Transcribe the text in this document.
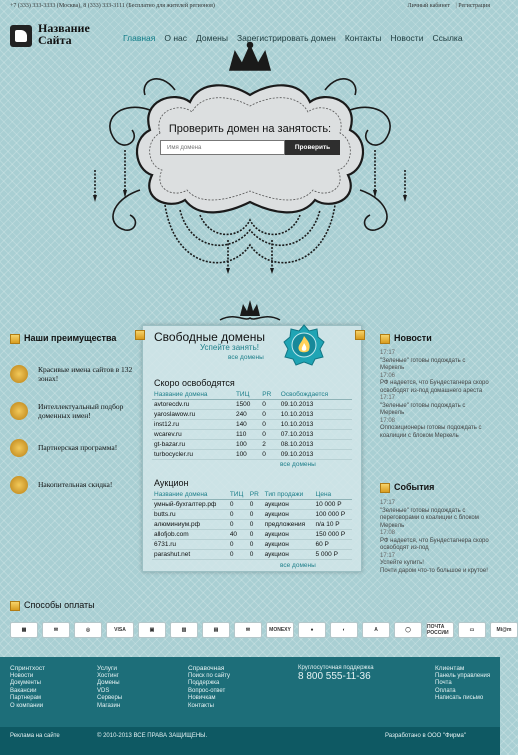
+7 (333) 333-3333 (Москва), 8 (333) 333-3111 (Бесплатно для жителей регионов)	Личный кабинет | Регистрация
Название
Сайта	Главная О нас Домены Зарегистрировать домен Контакты Новости Ссылка
Проверить домен на занятость:
Имя домена
Проверить
Наши преимущества
Красивые имена сайтов в 132 зонах!
Интеллектуальный подбор доменных имен!
Партнерская программа!
Накопительная скидка!
Свободные домены
Успейте занять!
все домены
Скоро освободятся
Название домена	ТИЦ	PR	Освобождается
avtorecdv.ru	1500	0	09.10.2013
yaroslawow.ru	240	0	10.10.2013
inst12.ru	140	0	10.10.2013
wcarev.ru	110	0	07.10.2013
gt-bazar.ru	100	2	08.10.2013
turbocycler.ru	100	0	09.10.2013
все домены
Аукцион
Название домена	ТИЦ	PR	Тип продажи	Цена
умный-бухгалтер.рф	0	0	аукцион	10 000 Р
butts.ru	0	0	аукцион	100 000 Р
алюминиум.рф	0	0	предложения	п/а 10 Р
allofjob.com	40	0	аукцион	150 000 Р
6731.ru	0	0	аукцион	60 Р
parashut.net	0	0	аукцион	5 000 Р
все домены
Новости
17:17
"Зеленые" готовы подождать с Меркель
17:06
РФ надеется, что Бундестагнера скоро освободят из-под домашнего ареста
17:17
"Зеленые" готовы подождать с Меркель
17:08
Оппозиционеры готовы подождать с коалиции с блоком Меркель
События
17:17
"Зеленые" готовы подождать с переговорами о коалиции с блоком Меркель
17:08
РФ надеется, что Бундестагнера скоро освободят из-под
17:17
Успейте купить!
Почти даром что-то большое и крутое!
Способы оплаты
▦	✉	◎	VISA	▣	▥	▤	✉	MONEXY	●	◐	A	◯	ПОЧТА РОССИИ	▭	Mi@m
Спринтхост
Новости
Документы
Вакансии
Партнерам
О компании
Услуги
Хостинг
Домены
VDS
Серверы
Магазин
Справочная
Поиск по сайту
Поддержка
Вопрос-ответ
Новичкам
Контакты
Круглосуточная поддержка
8 800 555-11-36
Клиентам
Панель управления
Почта
Оплата
Написать письмо
Реклама на сайте	© 2010-2013 ВСЕ ПРАВА ЗАЩИЩЕНЫ.	Разработано в ООО "Фирма"
